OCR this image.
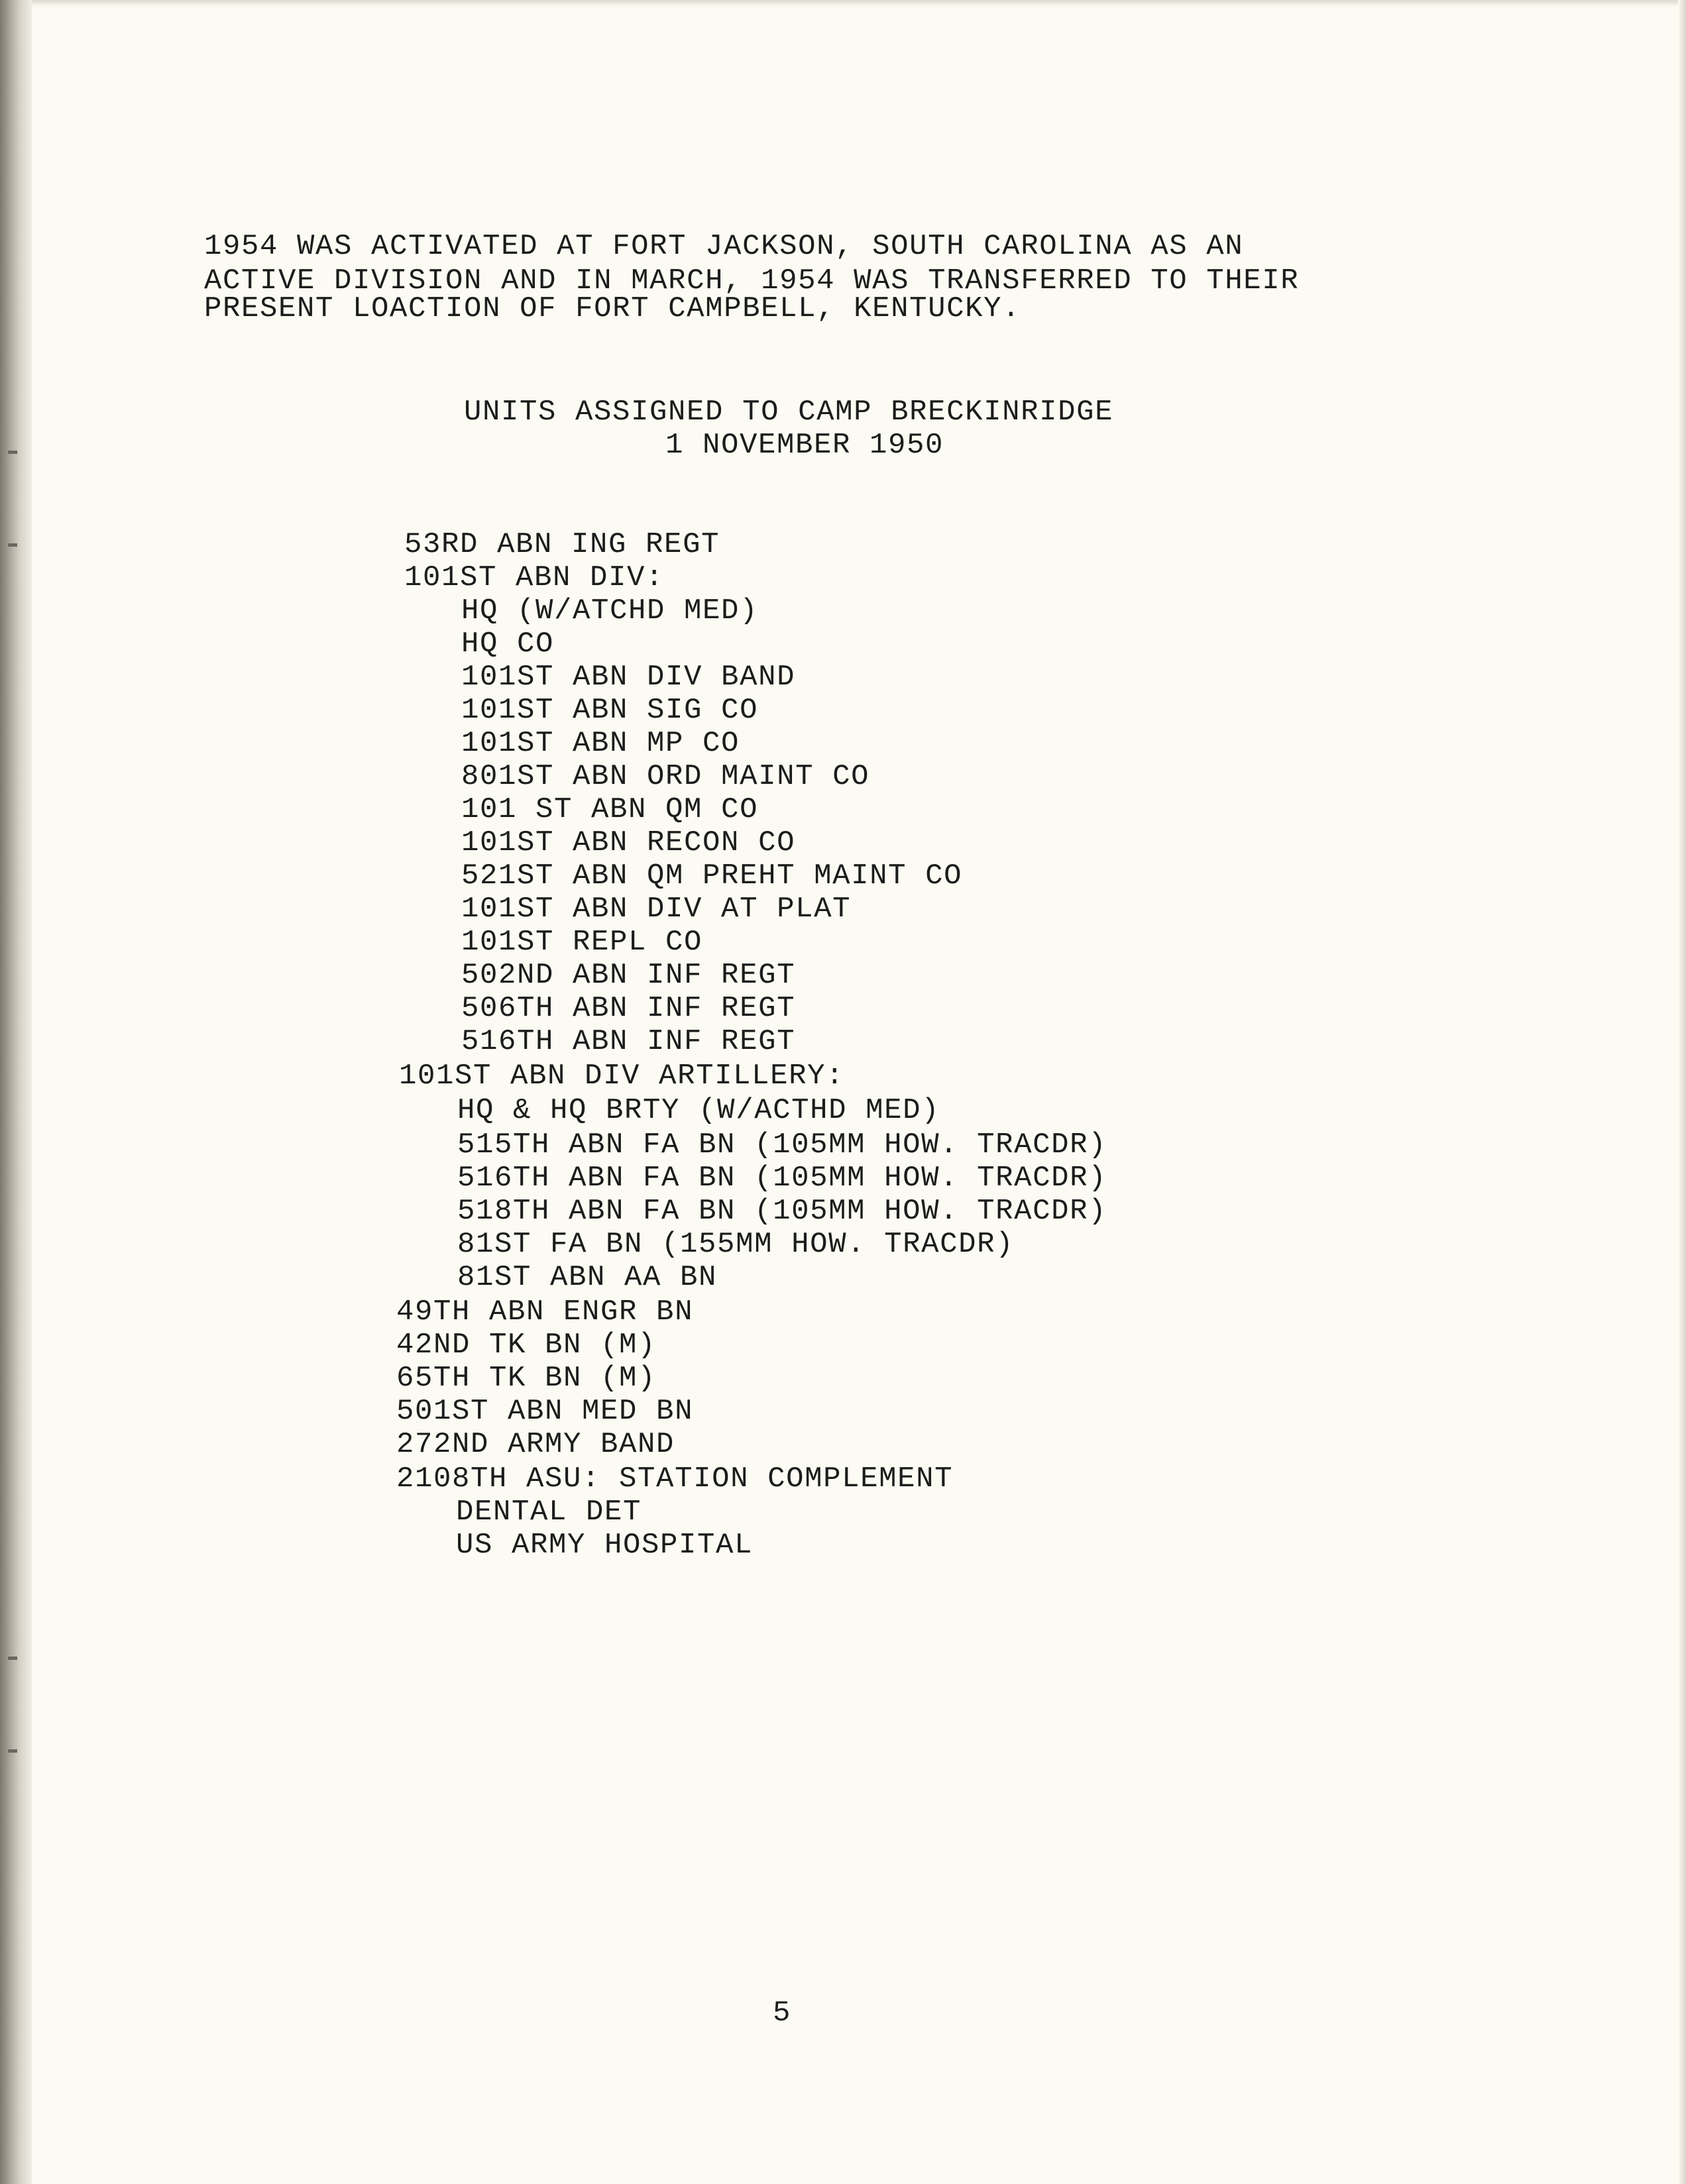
1954 WAS ACTIVATED AT FORT JACKSON, SOUTH CAROLINA AS AN
ACTIVE DIVISION AND IN MARCH, 1954 WAS TRANSFERRED TO THEIR
PRESENT LOACTION OF FORT CAMPBELL, KENTUCKY.
UNITS ASSIGNED TO CAMP BRECKINRIDGE
1 NOVEMBER 1950
53RD ABN ING REGT
101ST ABN DIV:
HQ (W/ATCHD MED)
HQ CO
101ST ABN DIV BAND
101ST ABN SIG CO
101ST ABN MP CO
801ST ABN ORD MAINT CO
101 ST ABN QM CO
101ST ABN RECON CO
521ST ABN QM PREHT MAINT CO
101ST ABN DIV AT PLAT
101ST REPL CO
502ND ABN INF REGT
506TH ABN INF REGT
516TH ABN INF REGT
101ST ABN DIV ARTILLERY:
HQ & HQ BRTY (W/ACTHD MED)
515TH ABN FA BN (105MM HOW. TRACDR)
516TH ABN FA BN (105MM HOW. TRACDR)
518TH ABN FA BN (105MM HOW. TRACDR)
81ST FA BN (155MM HOW. TRACDR)
81ST ABN AA BN
49TH ABN ENGR BN
42ND TK BN (M)
65TH TK BN (M)
501ST ABN MED BN
272ND ARMY BAND
2108TH ASU: STATION COMPLEMENT
DENTAL DET
US ARMY HOSPITAL
5
